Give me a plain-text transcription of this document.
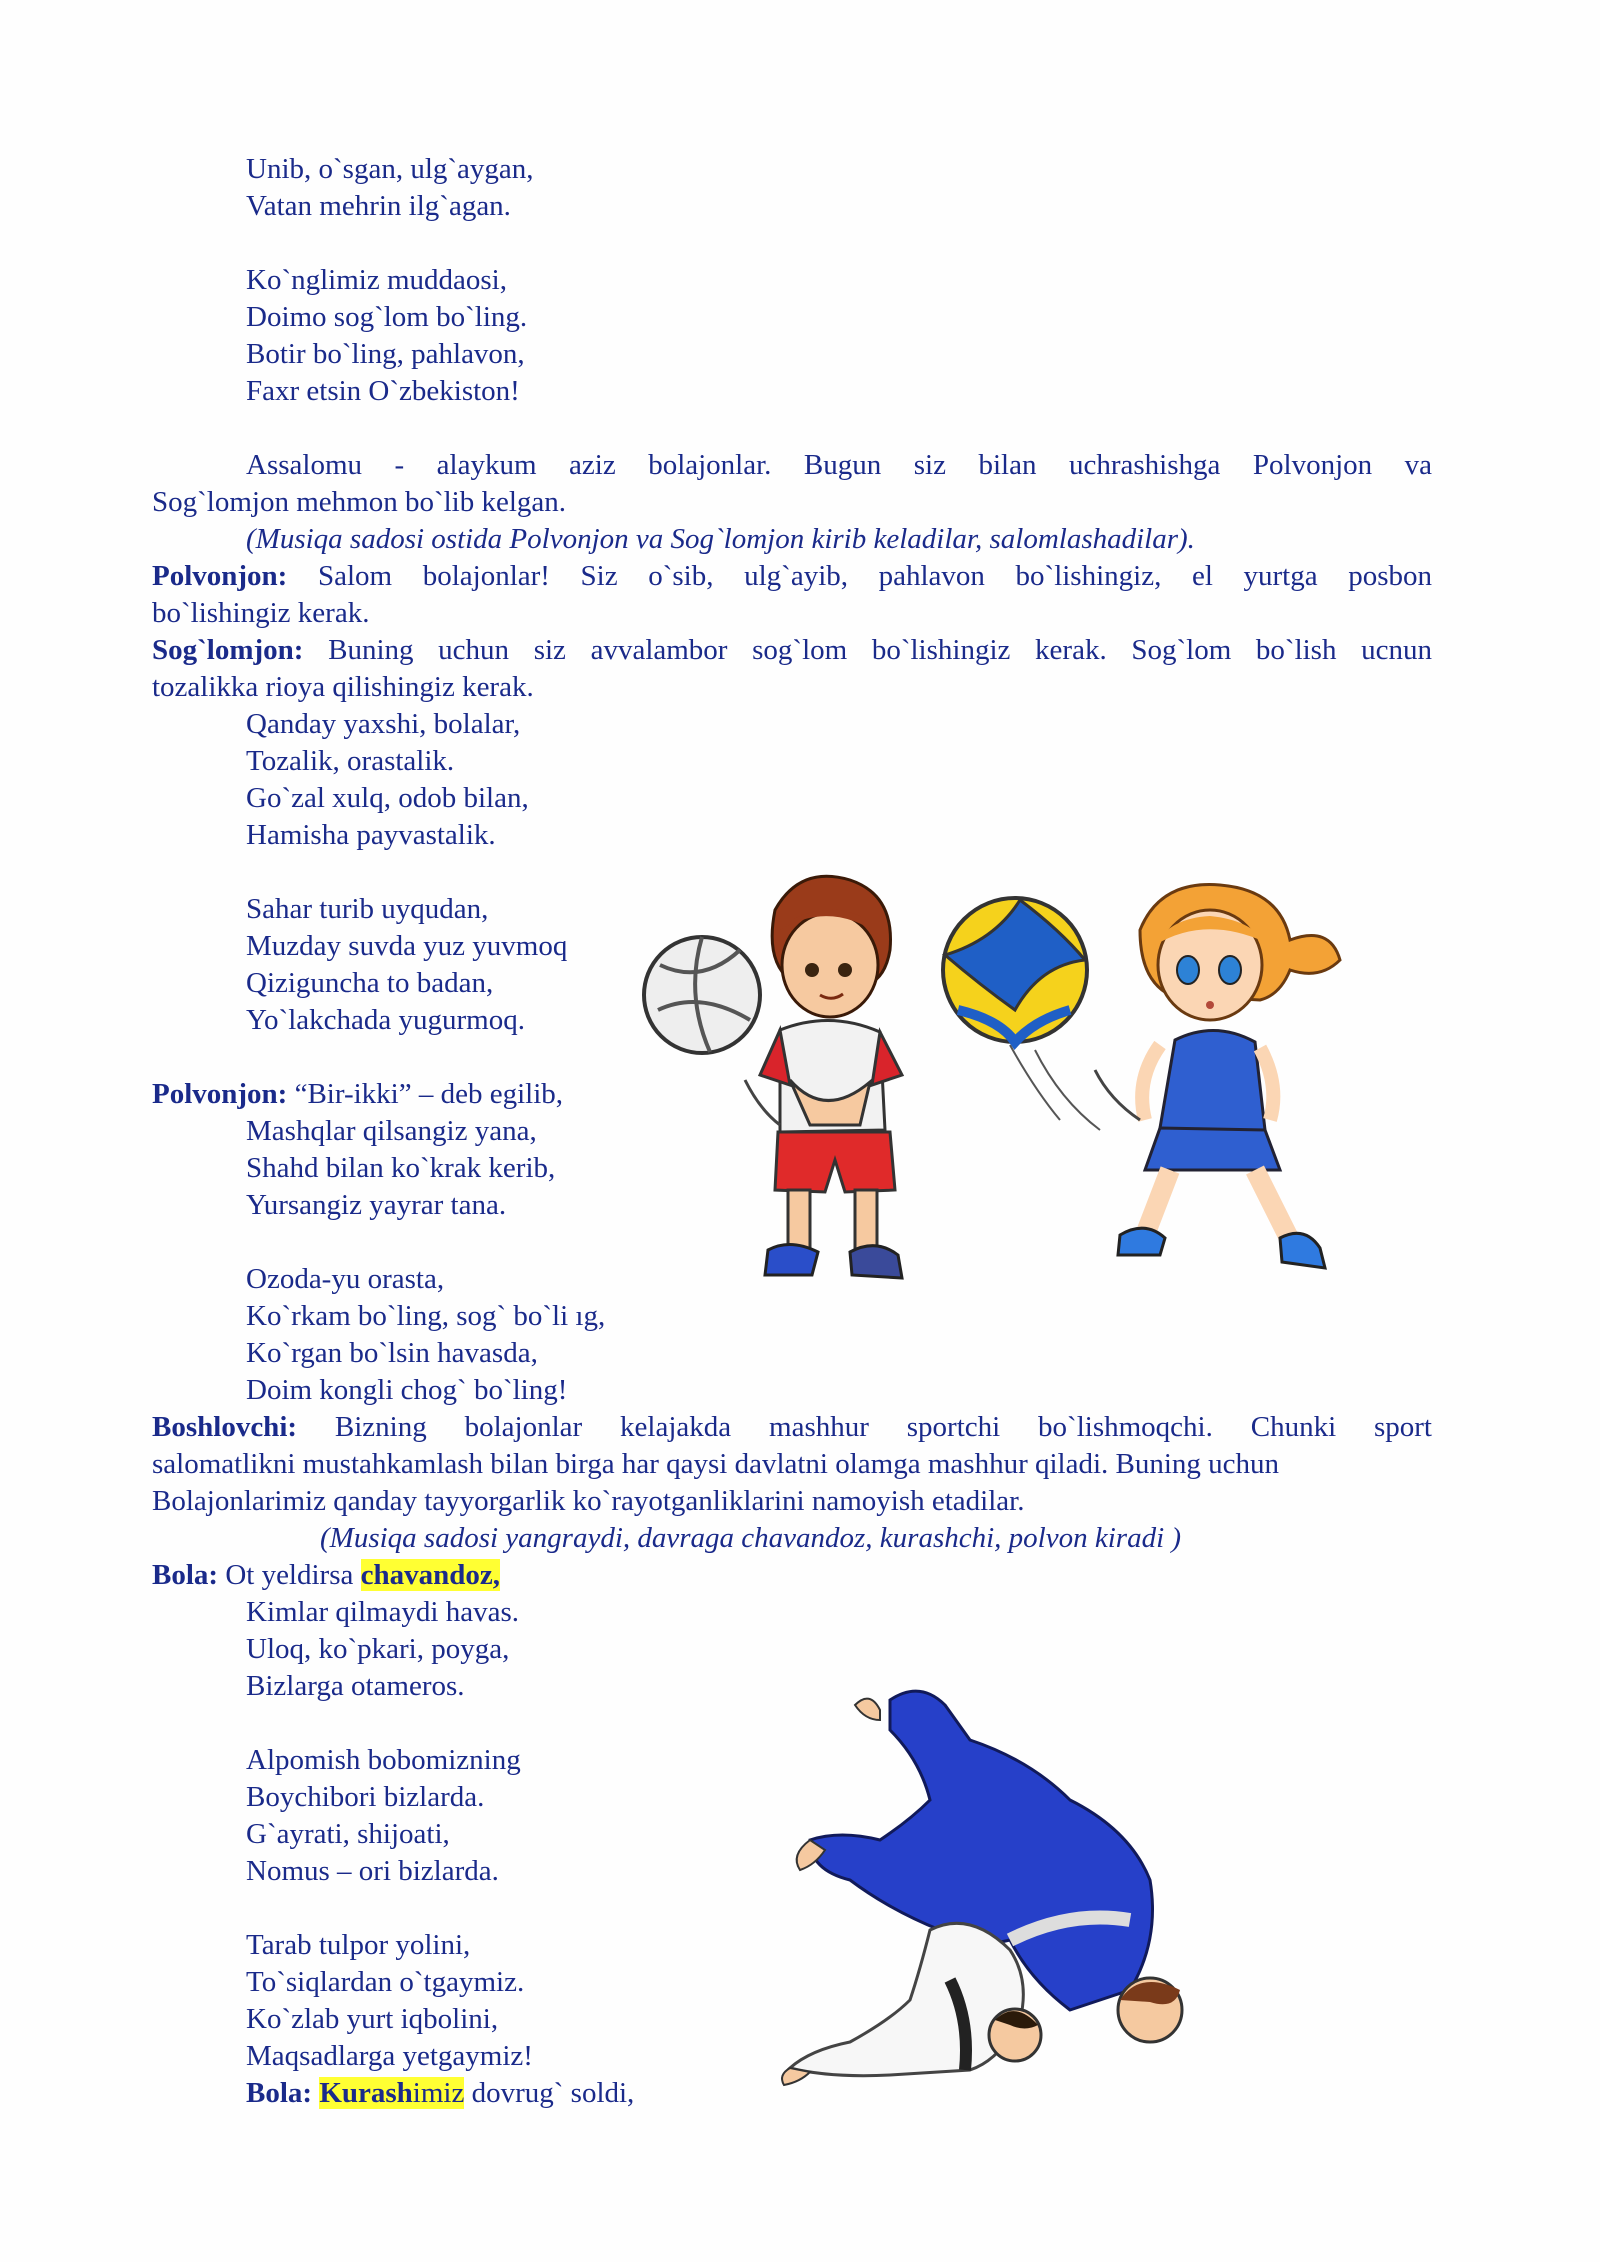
Unib, o`sgan, ulg`aygan,
Vatan mehrin ilg`agan.
Ko`nglimiz muddaosi,
Doimo sog`lom bo`ling.
Botir bo`ling, pahlavon,
Faxr etsin O`zbekiston!
Assalomu - alaykum aziz bolajonlar. Bugun siz bilan uchrashishga Polvonjon va
Sog`lomjon mehmon bo`lib kelgan.
(Musiqa sadosi ostida Polvonjon va Sog`lomjon kirib keladilar, salomlashadilar).
Polvonjon: Salom bolajonlar! Siz o`sib, ulg`ayib, pahlavon bo`lishingiz, el yurtga posbon
bo`lishingiz kerak.
Sog`lomjon: Buning uchun siz avvalambor sog`lom bo`lishingiz kerak. Sog`lom bo`lish ucnun
tozalikka rioya qilishingiz kerak.
Qanday yaxshi, bolalar,
Tozalik, orastalik.
Go`zal xulq, odob bilan,
Hamisha payvastalik.
Sahar turib uyqudan,
Muzday suvda yuz yuvmoq
Qiziguncha to badan,
Yo`lakchada yugurmoq.
Polvonjon: “Bir-ikki” – deb egilib,
Mashqlar qilsangiz yana,
Shahd bilan ko`krak kerib,
Yursangiz yayrar tana.
Ozoda-yu orasta,
Ko`rkam bo`ling, sog` bo`li ıg,
Ko`rgan bo`lsin havasda,
Doim kongli chog` bo`ling!
Boshlovchi: Bizning bolajonlar kelajakda mashhur sportchi bo`lishmoqchi. Chunki sport
salomatlikni mustahkamlash bilan birga har qaysi davlatni olamga mashhur qiladi. Buning uchun
Bolajonlarimiz qanday tayyorgarlik ko`rayotganliklarini namoyish etadilar.
(Musiqa sadosi yangraydi, davraga chavandoz, kurashchi, polvon kiradi )
Bola: Ot yeldirsa chavandoz,
Kimlar qilmaydi havas.
Uloq, ko`pkari, poyga,
Bizlarga otameros.
Alpomish bobomizning
Boychibori bizlarda.
G`ayrati, shijoati,
Nomus – ori bizlarda.
Tarab tulpor yolini,
To`siqlardan o`tgaymiz.
Ko`zlab yurt iqbolini,
Maqsadlarga yetgaymiz!
Bola: Kurashimiz dovrug` soldi,
